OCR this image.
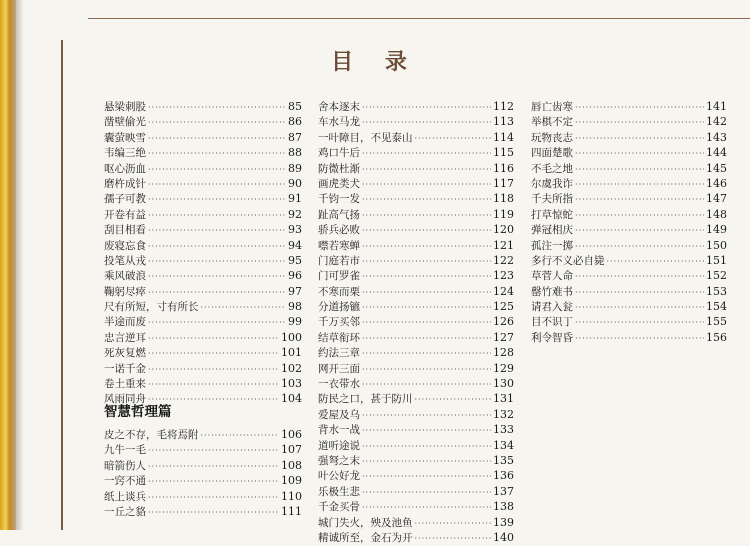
目 录
悬梁刺股 ·····	85
凿壁偷光 ·····	86
囊萤映雪 ·····	87
韦编三绝 ·····	88
呕心沥血 ·····	89
磨杵成针 ·····	90
孺子可教 ·····	91
开卷有益 ·····	92
刮目相看 ·····	93
废寝忘食 ·····	94
投笔从戎 ·····	95
乘风破浪 ·····	96
鞠躬尽瘁 ·····	97
尺有所短，寸有所长 ·····	98
半途而废 ·····	99
忠言逆耳 ·····	100
死灰复燃 ·····	101
一诺千金 ·····	102
卷土重来 ·····	103
风雨同舟 ·····	104
智慧哲理篇
皮之不存，毛将焉附 ·····	106
九牛一毛 ·····	107
暗箭伤人 ·····	108
一窍不通 ·····	109
纸上谈兵 ·····	110
一丘之貉 ·····	111
舍本逐末 ·····	112
车水马龙 ·····	113
一叶障目，不见泰山 ·····	114
鸡口牛后 ·····	115
防微杜渐 ·····	116
画虎类犬 ·····	117
千钧一发 ·····	118
趾高气扬 ·····	119
骄兵必败 ·····	120
噤若寒蝉 ·····	121
门庭若市 ·····	122
门可罗雀 ·····	123
不寒而栗 ·····	124
分道扬镳 ·····	125
千万买邻 ·····	126
结草衔环 ·····	127
约法三章 ·····	128
网开三面 ·····	129
一衣带水 ·····	130
防民之口，甚于防川 ·····	131
爱屋及乌 ·····	132
背水一战 ·····	133
道听途说 ·····	134
强弩之末 ·····	135
叶公好龙 ·····	136
乐极生悲 ·····	137
千金买骨 ·····	138
城门失火，殃及池鱼 ·····	139
精诚所至，金石为开 ·····	140
唇亡齿寒 ·····	141
举棋不定 ·····	142
玩物丧志 ·····	143
四面楚歌 ·····	144
不毛之地 ·····	145
尔虞我诈 ·····	146
千夫所指 ·····	147
打草惊蛇 ·····	148
弹冠相庆 ·····	149
孤注一掷 ·····	150
多行不义必自毙 ·····	151
草菅人命 ·····	152
罄竹难书 ·····	153
请君入瓮 ·····	154
目不识丁 ·····	155
利令智昏 ·····	156
